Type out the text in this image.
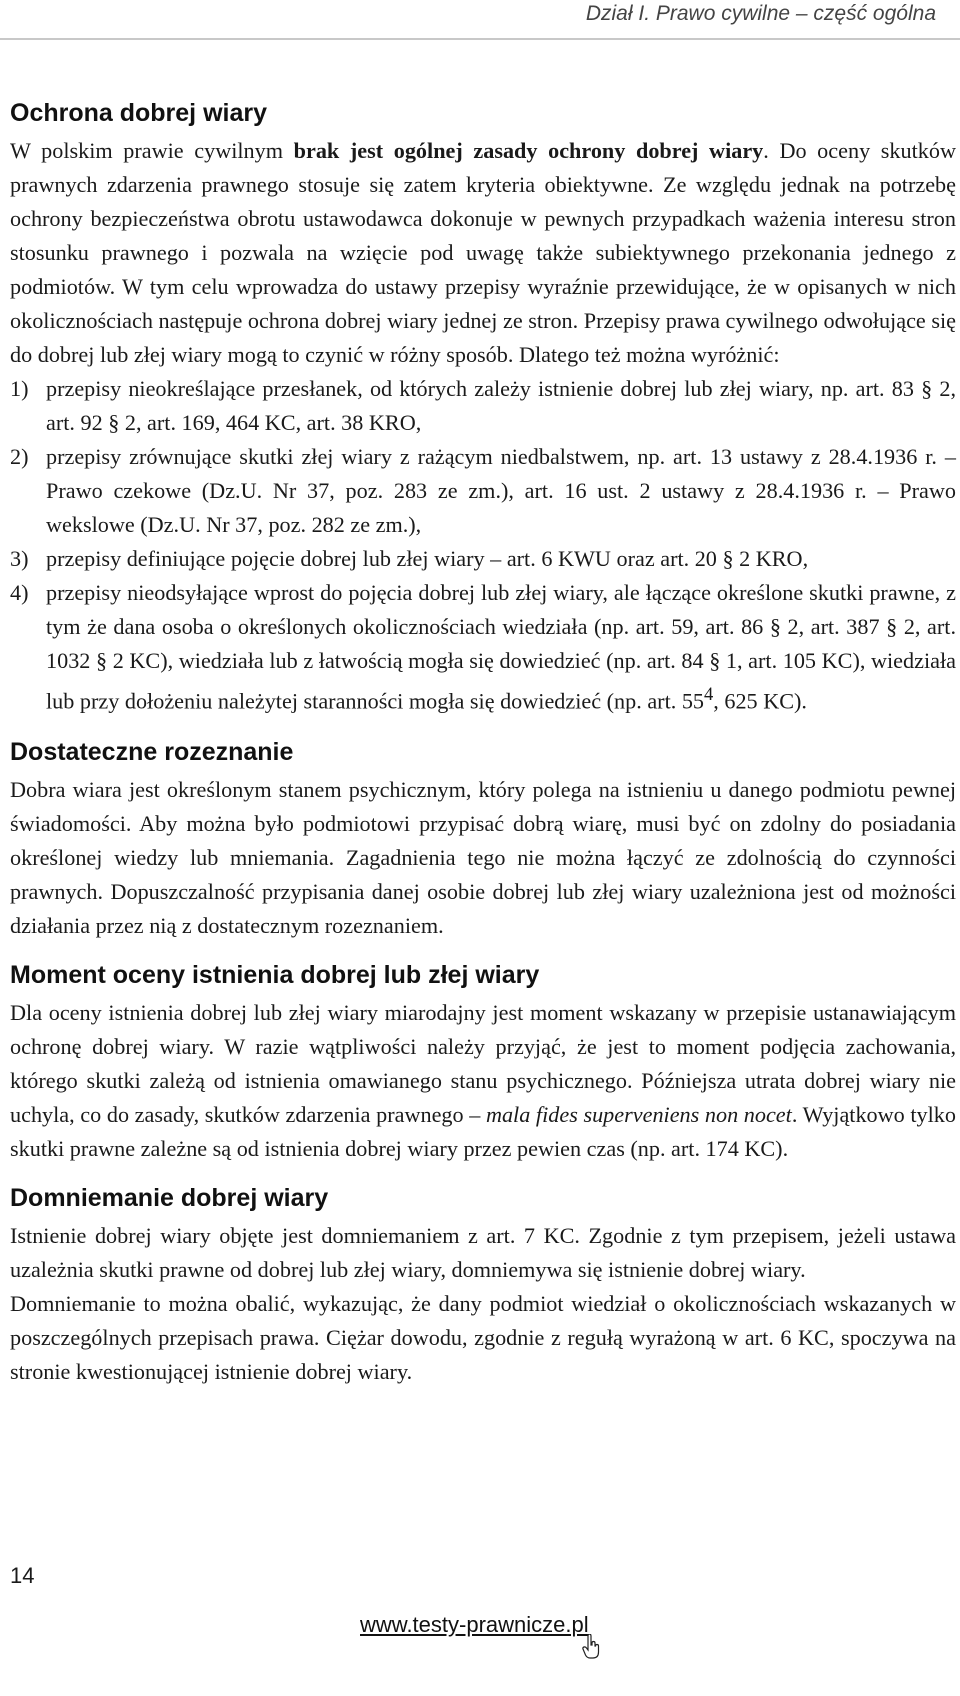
Dział I. Prawo cywilne – część ogólna
Ochrona dobrej wiary

W polskim prawie cywilnym brak jest ogólnej zasady ochrony dobrej wiary. Do oceny skutków prawnych zdarzenia prawnego stosuje się zatem kryteria obiektywne. Ze względu jednak na potrzebę ochrony bezpieczeństwa obrotu ustawodawca dokonuje w pewnych przypadkach ważenia interesu stron stosunku prawnego i pozwala na wzięcie pod uwagę także subiektywnego przekonania jednego z podmiotów. W tym celu wprowadza do ustawy przepisy wyraźnie przewidujące, że w opisanych w nich okolicznościach następuje ochrona dobrej wiary jednej ze stron. Przepisy prawa cywilnego odwołujące się do dobrej lub złej wiary mogą to czynić w różny sposób. Dlatego też można wyróżnić:

1) przepisy nieokreślające przesłanek, od których zależy istnienie dobrej lub złej wiary, np. art. 83 § 2, art. 92 § 2, art. 169, 464 KC, art. 38 KRO,
2) przepisy zrównujące skutki złej wiary z rażącym niedbalstwem, np. art. 13 ustawy z 28.4.1936 r. – Prawo czekowe (Dz.U. Nr 37, poz. 283 ze zm.), art. 16 ust. 2 ustawy z 28.4.1936 r. – Prawo wekslowe (Dz.U. Nr 37, poz. 282 ze zm.),
3) przepisy definiujące pojęcie dobrej lub złej wiary – art. 6 KWU oraz art. 20 § 2 KRO,
4) przepisy nieodsyłające wprost do pojęcia dobrej lub złej wiary, ale łączące określone skutki prawne, z tym że dana osoba o określonych okolicznościach wiedziała (np. art. 59, art. 86 § 2, art. 387 § 2, art. 1032 § 2 KC), wiedziała lub z łatwością mogła się dowiedzieć (np. art. 84 § 1, art. 105 KC), wiedziała lub przy dołożeniu należytej staranności mogła się dowiedzieć (np. art. $55^4$, 625 KC).
Dostateczne rozeznanie

Dobra wiara jest określonym stanem psychicznym, który polega na istnieniu u danego podmiotu pewnej świadomości. Aby można było podmiotowi przypisać dobrą wiarę, musi być on zdolny do posiadania określonej wiedzy lub mniemania. Zagadnienia tego nie można łączyć ze zdolnością do czynności prawnych. Dopuszczalność przypisania danej osobie dobrej lub złej wiary uzależniona jest od możności działania przez nią z dostatecznym rozeznaniem.

Moment oceny istnienia dobrej lub złej wiary

Dla oceny istnienia dobrej lub złej wiary miarodajny jest moment wskazany w przepisie ustanawiającym ochronę dobrej wiary. W razie wątpliwości należy przyjąć, że jest to moment podjęcia zachowania, którego skutki zależą od istnienia omawianego stanu psychicznego. Późniejsza utrata dobrej wiary nie uchyla, co do zasady, skutków zdarzenia prawnego – mala fides superveniens non nocet. Wyjątkowo tylko skutki prawne zależne są od istnienia dobrej wiary przez pewien czas (np. art. 174 KC).

Domniemanie dobrej wiary

Istnienie dobrej wiary objęte jest domniemaniem z art. 7 KC. Zgodnie z tym przepisem, jeżeli ustawa uzależnia skutki prawne od dobrej lub złej wiary, domniemywa się istnienie dobrej wiary.

Domniemanie to można obalić, wykazując, że dany podmiot wiedział o okolicznościach wskazanych w poszczególnych przepisach prawa. Ciężar dowodu, zgodnie z regułą wyrażoną w art. 6 KC, spoczywa na stronie kwestionującej istnienie dobrej wiary.

14
www.testy-prawnicze.pl
